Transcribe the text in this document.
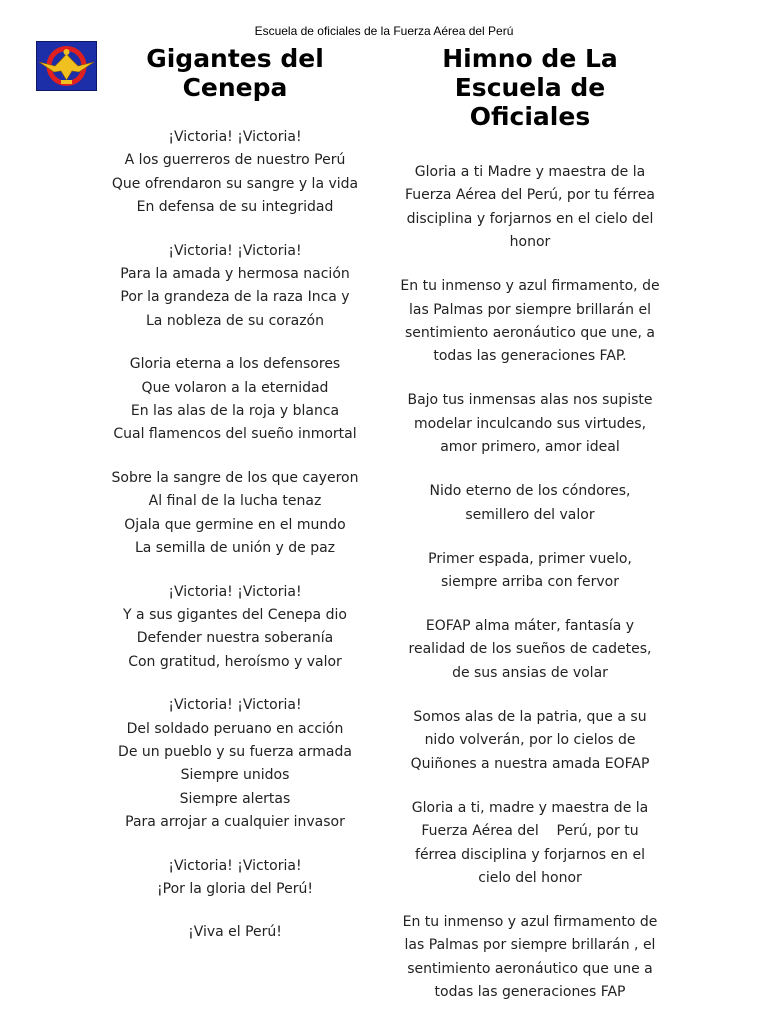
Escuela de oficiales de la Fuerza Aérea del Perú
Gigantes del
Cenepa
¡Victoria! ¡Victoria!
A los guerreros de nuestro Perú
Que ofrendaron su sangre y la vida
En defensa de su integridad
¡Victoria! ¡Victoria!
Para la amada y hermosa nación
Por la grandeza de la raza Inca y
La nobleza de su corazón
Gloria eterna a los defensores
Que volaron a la eternidad
En las alas de la roja y blanca
Cual flamencos del sueño inmortal
Sobre la sangre de los que cayeron
Al final de la lucha tenaz
Ojala que germine en el mundo
La semilla de unión y de paz
¡Victoria! ¡Victoria!
Y a sus gigantes del Cenepa dio
Defender nuestra soberanía
Con gratitud, heroísmo y valor
¡Victoria! ¡Victoria!
Del soldado peruano en acción
De un pueblo y su fuerza armada
Siempre unidos
Siempre alertas
Para arrojar a cualquier invasor
¡Victoria! ¡Victoria!
¡Por la gloria del Perú!
¡Viva el Perú!
Himno de La
Escuela de
Oficiales
Gloria a ti Madre y maestra de la
Fuerza Aérea del Perú, por tu férrea
disciplina y forjarnos en el cielo del
honor
En tu inmenso y azul firmamento, de
las Palmas por siempre brillarán el
sentimiento aeronáutico que une, a
todas las generaciones FAP.
Bajo tus inmensas alas nos supiste
modelar inculcando sus virtudes,
amor primero, amor ideal
Nido eterno de los cóndores,
semillero del valor
Primer espada, primer vuelo,
siempre arriba con fervor
EOFAP alma máter, fantasía y
realidad de los sueños de cadetes,
de sus ansias de volar
Somos alas de la patria, que a su
nido volverán, por lo cielos de
Quiñones a nuestra amada EOFAP
Gloria a ti, madre y maestra de la
Fuerza Aérea del    Perú, por tu
férrea disciplina y forjarnos en el
cielo del honor
En tu inmenso y azul firmamento de
las Palmas por siempre brillarán , el
sentimiento aeronáutico que une a
todas las generaciones FAP
